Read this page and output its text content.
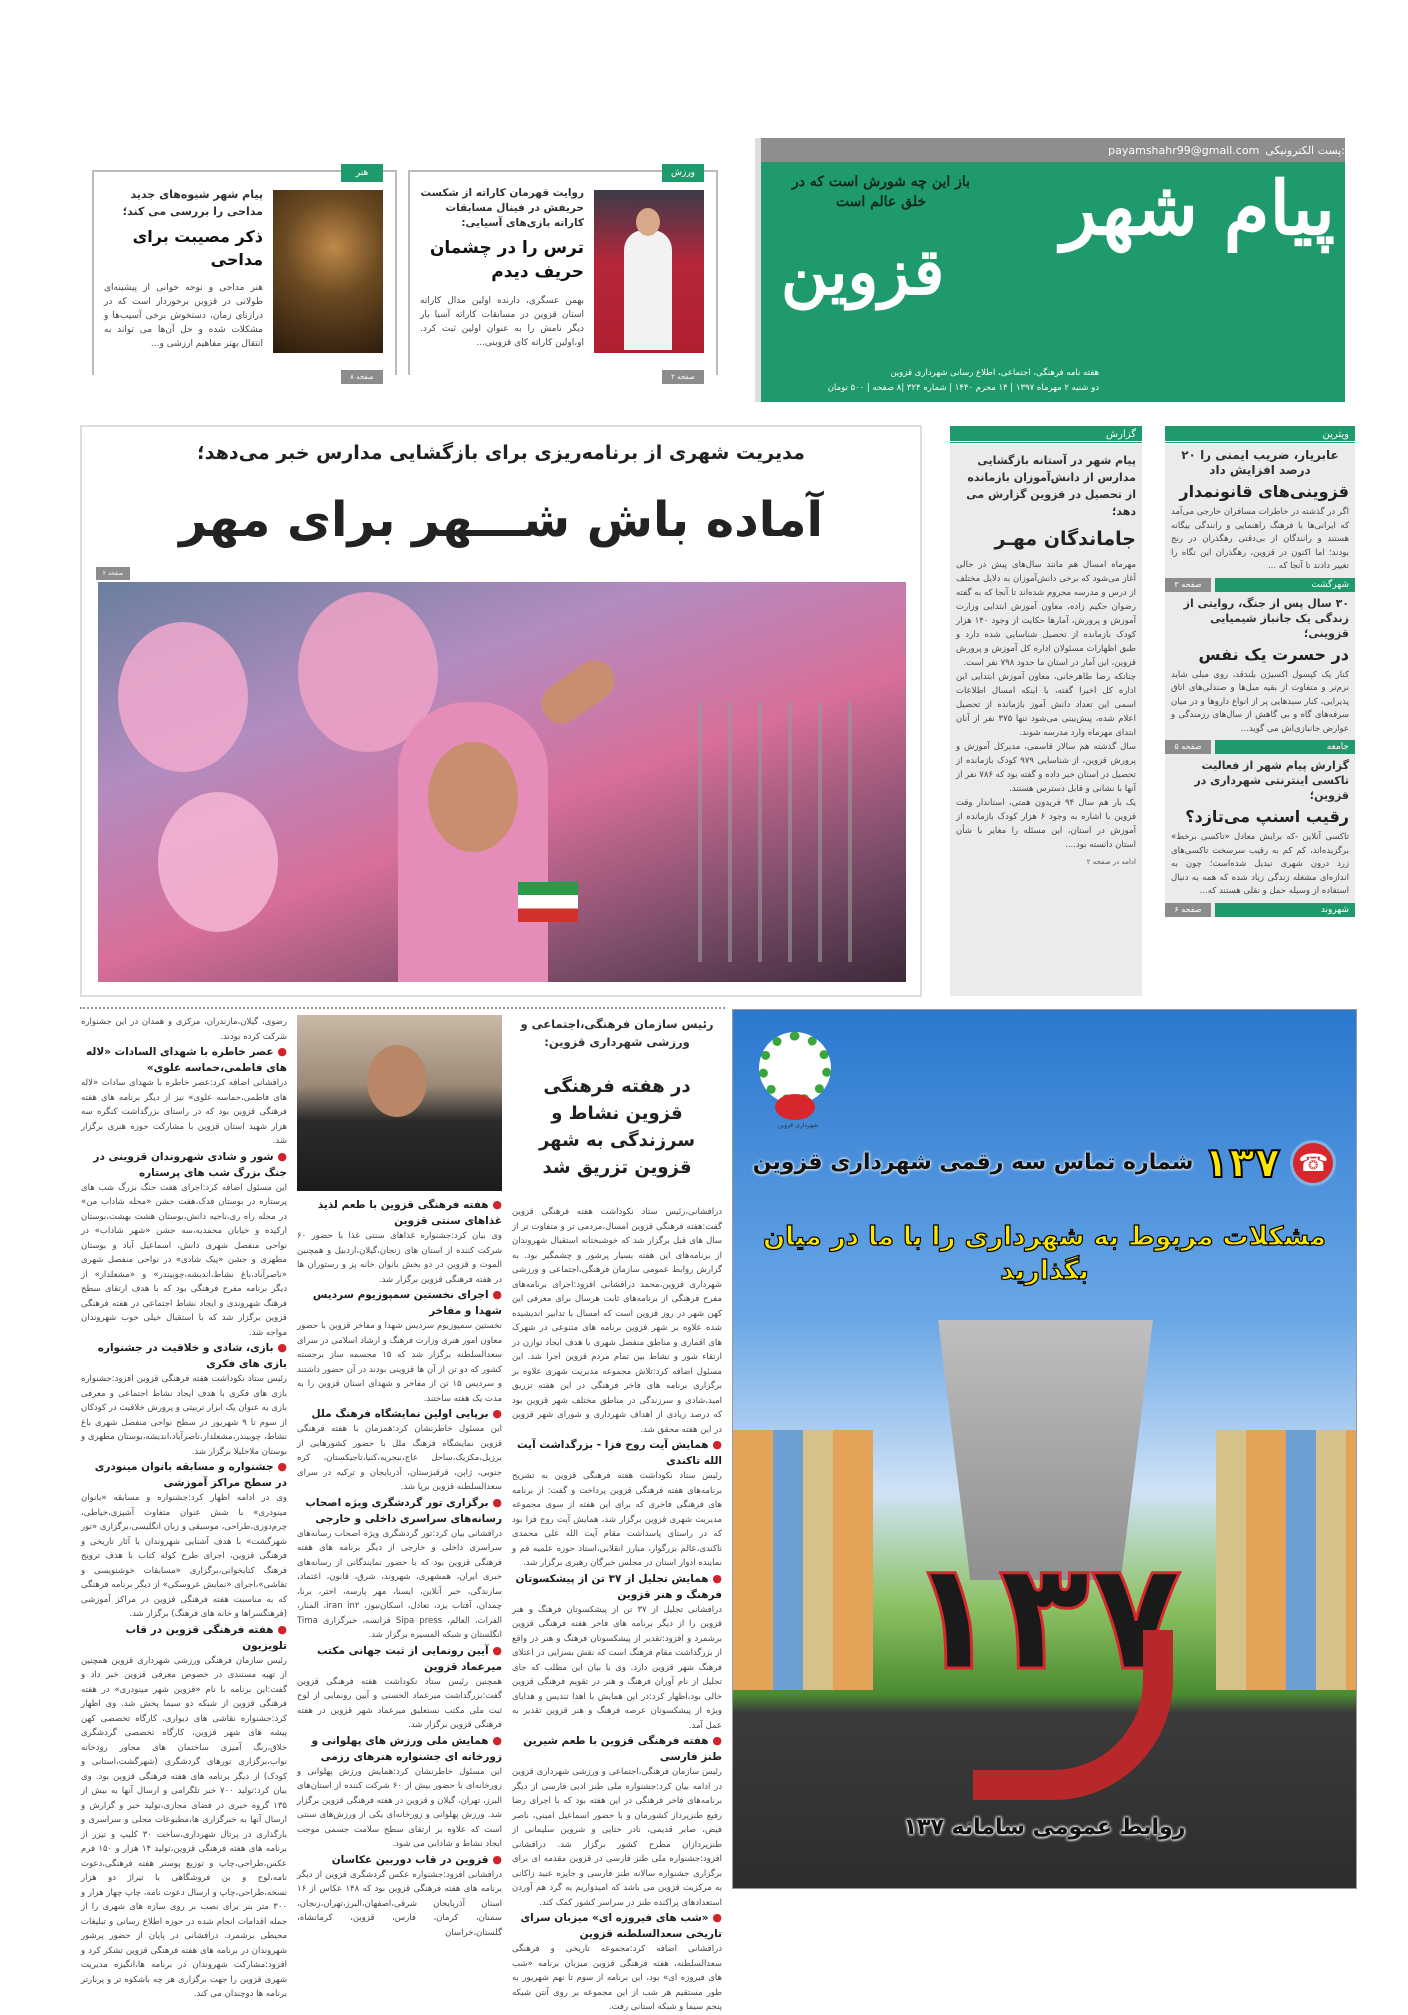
payamshahr99@gmail.com پست الکترونیکی:
پیام شهر
باز این چه شورش است که در خلق عالم است
قزوین
هفته نامه فرهنگی، اجتماعی، اطلاع رسانی شهرداری قزوین
دو شنبه ۲ مهرماه ۱۳۹۷ | ۱۴ محرم ۱۴۴۰ | شماره ۳۲۴ |۸ صفحه | ۵۰۰ تومان
ورزش
روایت قهرمان کاراته از شکست حریفش در فینال مسابقات کاراته بازی‌های آسیایی:
ترس را در چشمان حریف دیدم
بهمن عسگری، دارنده اولین مدال کاراته استان قزوین در مسابقات کاراته آسیا بار دیگر نامش را به عنوان اولین ثبت کرد. او،اولین کاراته کای قزوینی...
صفحه ۲
هنر
پیام شهر شیوه‌های جدید مداحی را بررسی می کند؛
ذکر مصیبت برای مداحی
هنر مداحی و نوحه خوانی از پیشینه‌ای طولانی در قزوین برخوردار است که در درازنای زمان، دستخوش برخی آسیب‌ها و مشکلات شده و حل آن‌ها می تواند به انتقال بهتر مفاهیم ارزشی و...
صفحه ۸
مدیریت شهری از برنامه‌ریزی برای بازگشایی مدارس خبر می‌دهد؛
آماده باش شـــهر برای مهر
صفحه ۲
گزارش
پیام شهر در آستانه بازگشایی مدارس از دانش‌آموزان بازمانده از تحصیل در قزوین گزارش می دهد؛
جاماندگان مهـر
مهرماه امسال هم مانند سال‌های پیش در حالی آغاز می‌شود که برخی دانش‌آموزان به دلایل مختلف از درس و مدرسه محروم شده‌اند تا آنجا که به گفته رضوان حکیم زاده، معاون آموزش ابتدایی وزارت آموزش و پرورش، آمارها حکایت از وجود ۱۴۰ هزار کودک بازمانده از تحصیل شناسایی شده دارد و طبق اظهارات مسئولان اداره کل آموزش و پرورش قزوین، این آمار در استان ما حدود ۷۹۸ نفر است.
چنانکه رضا طاهرخانی، معاون آموزش ابتدایی این اداره کل اخیرا گفته، با اینکه امسال اطلاعات اسمی این تعداد دانش آموز بازمانده از تحصیل اعلام شده، پیش‌بینی می‌شود تنها ۳۷۵ نفر از آنان ابتدای مهرماه وارد مدرسه شوند.
سال گذشته هم سالار قاسمی، مدیرکل آموزش و پرورش قزوین، از شناسایی ۹۷۹ کودک بازمانده از تحصیل در استان خبر داده و گفته بود که ۷۸۶ نفر از آنها با نشانی و قابل دسترس هستند.
یک بار هم سال ۹۴ فریدون همتی، استاندار وقت قزوین با اشاره به وجود ۶ هزار کودک بازمانده از آموزش در استان، این مسئله را مغایر با شأن استان دانسته بود....
ادامه در صفحه ۲
ویترین
عابریار، ضریب ایمنی را ۲۰ درصد افزایش داد
قزوینی‌های قانونمدار
اگر در گذشته در خاطرات مسافران خارجی می‌آمد که ایرانی‌ها با فرهنگ راهنمایی و رانندگی بیگانه هستند و رانندگان از بی‌دقتی رهگذران در رنج بودند؛ اما اکنون در قزوین، رهگذران این نگاه را تغییر دادند تا آنجا که ...
شهرگشت
صفحه ۳
۳۰ سال پس از جنگ، روایتی از زندگی یک جانباز شیمیایی قزوینی؛
در حسرت یک نفس
کنار یک کپسول اکسیژن بلندقد، روی مبلی شاید نرم‌تر و متفاوت از بقیه مبل‌ها و صندلی‌های اتاق پذیرایی، کنار سبدهایی پر از انواع داروها و در میان سرفه‌های گاه و بی گاهش از سال‌های رزمندگی و عوارض جانبازی‌اش می گوید...
جامعه
صفحه ۵
گزارش پیام شهر از فعالیت تاکسی اینترنتی شهرداری در قزوین؛
رقیب اسنپ می‌تازد؟
تاکسی آنلاین -که برایش معادل «تاکسی برخط» برگزیده‌اند، کم کم به رقیب سرسخت تاکسی‌های زرد درون شهری تبدیل شده‌است؛ چون به اندازه‌ای مشغله زندگی زیاد شده که همه به دنبال استفاده از وسیله حمل و نقلی هستند که...
شهروند
صفحه ۶
رئیس سازمان فرهنگی،اجتماعی و ورزشی شهرداری قزوین:
در هفته فرهنگی قزوین نشاط و سرزندگی به شهر قزوین تزریق شد
درافشانی،رئیس ستاد نکوداشت هفته فرهنگی قزوین گفت:هفته فرهنگی قزوین امسال،مردمی تر و متفاوت تر از سال های قبل برگزار شد که خوشبختانه استقبال شهروندان از برنامه‌های این هفته بسیار پرشور و چشمگیر بود. به گزارش روابط عمومی سازمان فرهنگی،اجتماعی و ورزشی شهرداری قزوین،محمد درافشانی افزود:اجرای برنامه‌های مفرح فرهنگی از برنامه‌های ثابت هرسال برای معرفی این کهن شهر در روز قزوین است که امسال با تدابیر اندیشیده شده علاوه بر شهر قزوین برنامه های متنوعی در شهرک های اقماری و مناطق منفصل شهری با هدف ایجاد توازن در ارتقاء شور و نشاط بین تمام مردم قزوین اجرا شد. این مسئول اضافه کرد:تلاش مجموعه مدیریت شهری علاوه بر برگزاری برنامه های فاخر فرهنگی در این هفته تزریق امید،شادی و سرزندگی در مناطق مختلف شهر قزوین بود که درصد زیادی از اهداف شهرداری و شورای شهر قزوین در این هفته محقق شد.
● همایش آیت روح فزا - بزرگداشت آیت الله تاکندی
رئیس ستاد نکوداشت هفته فرهنگی قزوین به تشریح برنامه‌های هفته فرهنگی قزوین پرداخت و گفت: از برنامه های فرهنگی فاخری که برای این هفته از سوی مجموعه مدیریت شهری قزوین برگزار شد، همایش آیت روح فزا بود که در راستای پاسداشت مقام آیت الله علی محمدی تاکندی،عالم بزرگوار، مبارز انقلابی،استاد حوزه علمیه قم و نماینده ادوار استان در مجلس خبرگان رهبری برگزار شد.
● همایش تجلیل از ۳۷ تن از پیشکسوتان فرهنگ و هنر قزوین
درافشانی تجلیل از ۳۷ تن از پیشکسوتان فرهنگ و هنر قزوین را از دیگر برنامه های فاخر هفته فرهنگی قزوین برشمرد و افزود:تقدیر از پیشکسوتان فرهنگ و هنر در واقع از بزرگداشت مقام فرهنگ است که نقش بسزایی در اعتلای فرهنگ شهر قزوین دارد. وی با بیان این مطلب که جای تجلیل از نام آوران فرهنگ و هنر در تقویم فرهنگی قزوین خالی بود،اظهار کرد:در این همایش با اهدا تندیس و هدایای ویژه از پیشکسوتان عرصه فرهنگ و هنر قزوین تقدیر به عمل آمد.
● هفته فرهنگی قزوین با طعم شیرین طنز فارسی
رئیس سازمان فرهنگی،اجتماعی و ورزشی شهرداری قزوین در ادامه بیان کرد:جشنواره ملی طنز ادبی فارسی از دیگر برنامه‌های فاخر فرهنگی در این هفته بود که با اجرای رضا رفیع طنزپرداز کشورمان و با حضور اسماعیل امینی، ناصر فیض، صابر قدیمی، نادر ختایی و شروین سلیمانی از طنزپردازان مطرح کشور برگزار شد. درافشانی افزود:جشنواره ملی طنز فارسی در قزوین مقدمه ای برای برگزاری جشنواره سالانه طنز فارسی و جایزه عبید زاکانی به مرکزیت قزوین می باشد که امیدواریم به گرد هم آوردن استعدادهای پراکنده طنز در سراسر کشور کمک کند.
● «شب های فیروزه ای» میزبان سرای تاریخی سعدالسلطنه قزوین
درافشانی اضافه کرد:مجموعه تاریخی و فرهنگی سعدالسلطنه، هفته فرهنگی قزوین میزبان برنامه «شب های فیروزه ای» بود، این برنامه از سوم تا نهم شهریور به طور مستقیم هر شب از این مجموعه بر روی آنتن شبکه پنجم سیما و شبکه استانی رفت.
● هفته فرهنگی قزوین با طعم لذیذ غذاهای سنتی قزوین
وی بیان کرد:جشنواره غذاهای سنتی غذا با حضور ۶۰ شرکت کننده از استان های زنجان،گیلان،اردبیل و همچنین الموت و قزوین در دو بخش بانوان خانه پز و رستوران ها در هفته فرهنگی قزوین برگزار شد.
● اجرای نخستین سمپوزیوم سردیس شهدا و مفاخر
نخستین سمپوزیوم سردیس شهدا و مفاخر قزوین با حضور معاون امور هنری وزارت فرهنگ و ارشاد اسلامی در سرای سعدالسلطنه برگزار شد که ۱۵ مجسمه ساز برجسته کشور که دو تن از آن ها قزوینی بودند در آن حضور داشتند و سردیس ۱۵ تن از مفاخر و شهدای استان قزوین را به مدت یک هفته ساختند.
● برپایی اولین نمایشگاه فرهنگ ملل
این مسئول خاطرنشان کرد:همزمان با هفته فرهنگی قزوین نمایشگاه فرهنگ ملل با حضور کشورهایی از برزیل،مکزیک،ساحل عاج،نیجریه،کنیا،تاجیکستان، کره جنوبی، ژاپن، قرقیزستان، آذربایجان و ترکیه در سرای سعدالسلطنه قزوین برپا شد.
● برگزاری تور گردشگری ویژه اصحاب رسانه‌های سراسری داخلی و خارجی
درافشانی بیان کرد:تور گردشگری ویژه اصحاب رسانه‌های سراسری داخلی و خارجی از دیگر برنامه های هفته فرهنگی قزوین بود که با حضور نمایندگانی از رسانه‌های خبری ایران، همشهری، شهروند، شرق، قانون، اعتماد، سازندگی، خبر آنلاین، ایسنا، مهر پارسه، اختر، برنا، چمدان، آفتاب یزد، تعادل، اسکان‌نیوز، iran in۲، المنار، الفرات، العالم، Sipa press فرانسه، خبرگزاری Tima انگلستان و شبکه المسیره برگزار شد.
● آیین رونمایی از ثبت جهانی مکتب میرعماد قزوین
همچنین رئیس ستاد نکوداشت هفته فرهنگی قزوین گفت:بزرگداشت میرعماد الحسنی و آیین رونمایی از لوح ثبت ملی مکتب نستعلیق میرعماد شهر قزوین در هفته فرهنگی قزوین برگزار شد.
● همایش ملی ورزش های پهلوانی و زورخانه ای جشنواره هنرهای رزمی
این مسئول خاطرنشان کرد:همایش ورزش پهلوانی و زورخانه‌ای با حضور بیش از ۶۰ شرکت کننده از استان‌های البرز، تهران، گیلان و قزوین در هفته فرهنگی قزوین برگزار شد. ورزش پهلوانی و زورخانه‌ای یکی از ورزش‌های سنتی است که علاوه بر ارتقای سطح سلامت جسمی موجب ایجاد نشاط و شادابی می شود.
● قزوین در قاب دوربین عکاسان
درافشانی افزود:جشنواره عکس گردشگری قزوین از دیگر برنامه های هفته فرهنگی قزوین بود که ۱۴۸ عکاس از ۱۶ استان آذربایجان شرقی،اصفهان،البرز،تهران،زنجان، سمنان، کرمان، فارس، قزوین، کرمانشاه، گلستان،خراسان
رضوی، گیلان،مازندران، مرکزی و همدان در این جشنواره شرکت کرده بودند.
● عصر خاطره با شهدای السادات «لاله های فاطمی،حماسه علوی»
درافشانی اضافه کرد:عصر خاطره با شهدای سادات «لاله های فاطمی،حماسه علوی» نیز از دیگر برنامه های هفته فرهنگی قزوین بود که در راستای بزرگداشت کنگره سه هزار شهید استان قزوین با مشارکت حوزه هنری برگزار شد.
● شور و شادی شهروندان قزوینی در جنگ بزرگ شب های پرستاره
این مسئول اضافه کرد:اجرای هفت جنگ بزرگ شب های پرستاره در بوستان فدک،هفت جشن «محله شاداب من» در محله راه ری،ناحیه دانش،بوستان هشت بهشت،بوستان ارکیده و خیابان محمدیه،سه جشن «شهر شاداب» در نواحی منفصل شهری دانش، اسماعیل آباد و بوستان مطهری و جشن «پیک شادی» در نواحی منفصل شهری «ناصرآباد،باغ نشاط،اندیشه،چوبیندر» و «مشعلدار» از دیگر برنامه مفرح فرهنگی بود که با هدف ارتقای سطح فرهنگ شهروندی و ایجاد نشاط اجتماعی در هفته فرهنگی قزوین برگزار شد که با استقبال خیلی خوب شهروندان مواجه شد.
● بازی، شادی و خلاقیت در جشنواره بازی های فکری
رئیس ستاد نکوداشت هفته فرهنگی قزوین افزود:جشنواره بازی های فکری با هدف ایجاد نشاط اجتماعی و معرفی بازی به عنوان یک ابزار تربیتی و پرورش خلاقیت در کودکان از سوم تا ۹ شهریور در سطح نواحی منفصل شهری باغ نشاط، چوبیندر،مشعلدار،ناصرآباد،اندیشه،بوستان مطهری و بوستان ملاخلیلا برگزار شد.
● جشنواره و مسابقه بانوان مینودری در سطح مراکز آموزشی
وی در ادامه اظهار کرد:جشنواره و مسابقه «بانوان مینودری» با شش عنوان متفاوت آشپزی،خیاطی، چرم‌دوزی،طراحی، موسیقی و زبان انگلیسی،برگزاری «تور شهرگشت» با هدف آشنایی شهروندان با آثار تاریخی و فرهنگی قزوین، اجرای طرح کوله کتاب با هدف ترویج فرهنگ کتابخوانی،برگزاری «مسابقات خوشنویسی و تقاشی»،اجرای «نمایش عروسکی» از دیگر برنامه فرهنگی که به مناسبت هفته فرهنگی قزوین در مراکز آموزشی (فرهنگسراها و خانه های فرهنگ) برگزار شد.
● هفته فرهنگی قزوین در قاب تلویزیون
رئیس سازمان فرهنگی ورزشی شهرداری قزوین همچنین از تهیه مستندی در خصوص معرفی قزوین خبر داد و گفت:این برنامه با نام «قزوین شهر مینودری» در هفته فرهنگی قزوین از شبکه دو سیما پخش شد. وی اظهار کرد:جشنواره نقاشی های دیواری، کارگاه تخصصی کهن پیشه های شهر قزوین، کارگاه تخصصی گردشگری خلاق،رنگ آمیزی ساختمان های مجاور رودخانه نواب،برگزاری تورهای گردشگری (شهرگشت،استانی و کودک) از دیگر برنامه های هفته فرهنگی قزوین بود. وی بیان کرد:تولید ۷۰۰ خبر تلگرامی و ارسال آنها به بیش از ۱۳۵ گروه خبری در فضای مجازی،تولید خبر و گزارش و ارسال آنها به خبرگزاری ها،مطبوعات محلی و سراسری و بارگذاری در پرتال شهرداری،ساخت ۳۰ کلیپ و تیزر از برنامه های هفته فرهنگی قزوین،تولید ۱۴ هزار و ۱۵۰ فرم عکس،طراحی،چاپ و توزیع پوستر هفته فرهنگی،دعوت نامه،لوح و بن فروشگاهی با تیراژ دو هزار نسخه،طراحی،چاپ و ارسال دعوت نامه، چاپ چهار هزار و ۳۰۰ متر بنر برای نصب بر روی سازه های شهری را از جمله اقدامات انجام شده در حوزه اطلاع رسانی و تبلیغات محیطی برشمرد. درافشانی در پایان از حضور پرشور شهروندان در برنامه های هفته فرهنگی قزوین تشکر کرد و افزود:مشارکت شهروندان در برنامه ها،انگیزه مدیریت شهری قزوین را جهت برگزاری هر چه باشکوه تر و پربارتر برنامه ها دوچندان می کند.
شهرداری قزوین
☎
۱۳۷
شماره تماس سه رقمی شهرداری قزوین
مشکلات مربوط به شهرداری را با ما در میان بگذارید
۱۳۷
روابط عمومی سامانه ۱۳۷
